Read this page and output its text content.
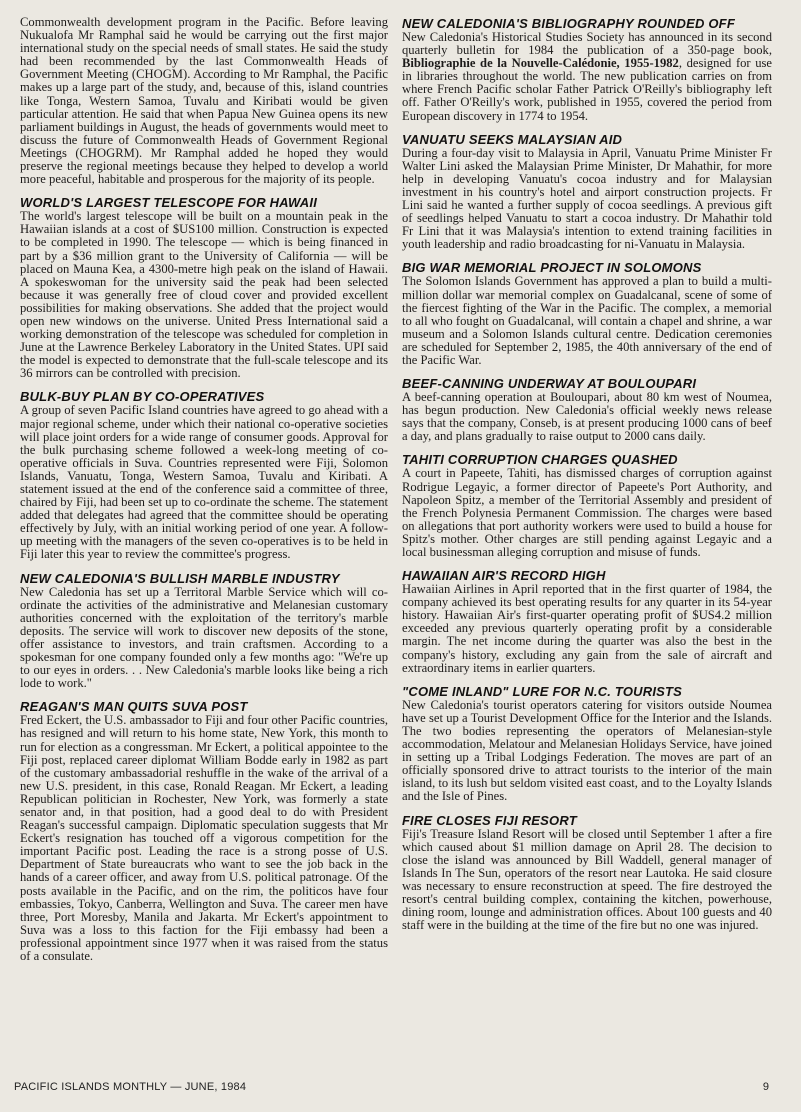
Commonwealth development program in the Pacific. Before leaving Nukualofa Mr Ramphal said he would be carrying out the first major international study on the special needs of small states. He said the study had been recommended by the last Commonwealth Heads of Government Meeting (CHOGM). According to Mr Ramphal, the Pacific makes up a large part of the study, and, because of this, island countries like Tonga, Western Samoa, Tuvalu and Kiribati would be given particular attention. He said that when Papua New Guinea opens its new parliament buildings in August, the heads of governments would meet to discuss the future of Commonwealth Heads of Government Regional Meetings (CHOGRM). Mr Ramphal added he hoped they would preserve the regional meetings because they helped to develop a world more peaceful, habitable and prosperous for the majority of its people.

WORLD'S LARGEST TELESCOPE FOR HAWAII

The world's largest telescope will be built on a mountain peak in the Hawaiian islands at a cost of $US100 million. Construction is expected to be completed in 1990. The telescope — which is being financed in part by a $36 million grant to the University of California — will be placed on Mauna Kea, a 4300-metre high peak on the island of Hawaii. A spokeswoman for the university said the peak had been selected because it was generally free of cloud cover and provided excellent possibilities for making observations. She added that the project would open new windows on the universe. United Press International said a working demonstration of the telescope was scheduled for completion in June at the Lawrence Berkeley Laboratory in the United States. UPI said the model is expected to demonstrate that the full-scale telescope and its 36 mirrors can be controlled with precision.

BULK-BUY PLAN BY CO-OPERATIVES

A group of seven Pacific Island countries have agreed to go ahead with a major regional scheme, under which their national co-operative societies will place joint orders for a wide range of consumer goods. Approval for the bulk purchasing scheme followed a week-long meeting of co-operative officials in Suva. Countries represented were Fiji, Solomon Islands, Vanuatu, Tonga, Western Samoa, Tuvalu and Kiribati. A statement issued at the end of the conference said a committee of three, chaired by Fiji, had been set up to co-ordinate the scheme. The statement added that delegates had agreed that the committee should be operating effectively by July, with an initial working period of one year. A follow-up meeting with the managers of the seven co-operatives is to be held in Fiji later this year to review the committee's progress.

NEW CALEDONIA'S BULLISH MARBLE INDUSTRY

New Caledonia has set up a Territoral Marble Service which will co-ordinate the activities of the administrative and Melanesian customary authorities concerned with the exploitation of the territory's marble deposits. The service will work to discover new deposits of the stone, offer assistance to investors, and train craftsmen. According to a spokesman for one company founded only a few months ago: "We're up to our eyes in orders. . . New Caledonia's marble looks like being a rich lode to work."

REAGAN'S MAN QUITS SUVA POST

Fred Eckert, the U.S. ambassador to Fiji and four other Pacific countries, has resigned and will return to his home state, New York, this month to run for election as a congressman. Mr Eckert, a political appointee to the Fiji post, replaced career diplomat William Bodde early in 1982 as part of the customary ambassadorial reshuffle in the wake of the arrival of a new U.S. president, in this case, Ronald Reagan. Mr Eckert, a leading Republican politician in Rochester, New York, was formerly a state senator and, in that position, had a good deal to do with President Reagan's successful campaign. Diplomatic speculation suggests that Mr Eckert's resignation has touched off a vigorous competition for the important Pacific post. Leading the race is a strong posse of U.S. Department of State bureaucrats who want to see the job back in the hands of a career officer, and away from U.S. political patronage. Of the posts available in the Pacific, and on the rim, the politicos have four embassies, Tokyo, Canberra, Wellington and Suva. The career men have three, Port Moresby, Manila and Jakarta. Mr Eckert's appointment to Suva was a loss to this faction for the Fiji embassy had been a professional appointment since 1977 when it was raised from the status of a consulate.

NEW CALEDONIA'S BIBLIOGRAPHY ROUNDED OFF

New Caledonia's Historical Studies Society has announced in its second quarterly bulletin for 1984 the publication of a 350-page book, Bibliographie de la Nouvelle-Calédonie, 1955-1982, designed for use in libraries throughout the world. The new publication carries on from where French Pacific scholar Father Patrick O'Reilly's bibliography left off. Father O'Reilly's work, published in 1955, covered the period from European discovery in 1774 to 1954.

VANUATU SEEKS MALAYSIAN AID

During a four-day visit to Malaysia in April, Vanuatu Prime Minister Fr Walter Lini asked the Malaysian Prime Minister, Dr Mahathir, for more help in developing Vanuatu's cocoa industry and for Malaysian investment in his country's hotel and airport construction projects. Fr Lini said he wanted a further supply of cocoa seedlings. A previous gift of seedlings helped Vanuatu to start a cocoa industry. Dr Mahathir told Fr Lini that it was Malaysia's intention to extend training facilities in youth leadership and radio broadcasting for ni-Vanuatu in Malaysia.

BIG WAR MEMORIAL PROJECT IN SOLOMONS

The Solomon Islands Government has approved a plan to build a multi-million dollar war memorial complex on Guadalcanal, scene of some of the fiercest fighting of the War in the Pacific. The complex, a memorial to all who fought on Guadalcanal, will contain a chapel and shrine, a war museum and a Solomon Islands cultural centre. Dedication ceremonies are scheduled for September 2, 1985, the 40th anniversary of the end of the Pacific War.

BEEF-CANNING UNDERWAY AT BOULOUPARI

A beef-canning operation at Bouloupari, about 80 km west of Noumea, has begun production. New Caledonia's official weekly news release says that the company, Conseb, is at present producing 1000 cans of beef a day, and plans gradually to raise output to 2000 cans daily.

TAHITI CORRUPTION CHARGES QUASHED

A court in Papeete, Tahiti, has dismissed charges of corruption against Rodrigue Legayic, a former director of Papeete's Port Authority, and Napoleon Spitz, a member of the Territorial Assembly and president of the French Polynesia Permanent Commission. The charges were based on allegations that port authority workers were used to build a house for Spitz's mother. Other charges are still pending against Legayic and a local businessman alleging corruption and misuse of funds.

HAWAIIAN AIR'S RECORD HIGH

Hawaiian Airlines in April reported that in the first quarter of 1984, the company achieved its best operating results for any quarter in its 54-year history. Hawaiian Air's first-quarter operating profit of $US4.2 million exceeded any previous quarterly operating profit by a considerable margin. The net income during the quarter was also the best in the company's history, excluding any gain from the sale of aircraft and extraordinary items in earlier quarters.

"COME INLAND" LURE FOR N.C. TOURISTS

New Caledonia's tourist operators catering for visitors outside Noumea have set up a Tourist Development Office for the Interior and the Islands. The two bodies representing the operators of Melanesian-style accommodation, Melatour and Melanesian Holidays Service, have joined in setting up a Tribal Lodgings Federation. The moves are part of an officially sponsored drive to attract tourists to the interior of the main island, to its lush but seldom visited east coast, and to the Loyalty Islands and the Isle of Pines.

FIRE CLOSES FIJI RESORT

Fiji's Treasure Island Resort will be closed until September 1 after a fire which caused about $1 million damage on April 28. The decision to close the island was announced by Bill Waddell, general manager of Islands In The Sun, operators of the resort near Lautoka. He said closure was necessary to ensure reconstruction at speed. The fire destroyed the resort's central building complex, containing the kitchen, powerhouse, dining room, lounge and administration offices. About 100 guests and 40 staff were in the building at the time of the fire but no one was injured.

PACIFIC ISLANDS MONTHLY — JUNE, 1984	9
